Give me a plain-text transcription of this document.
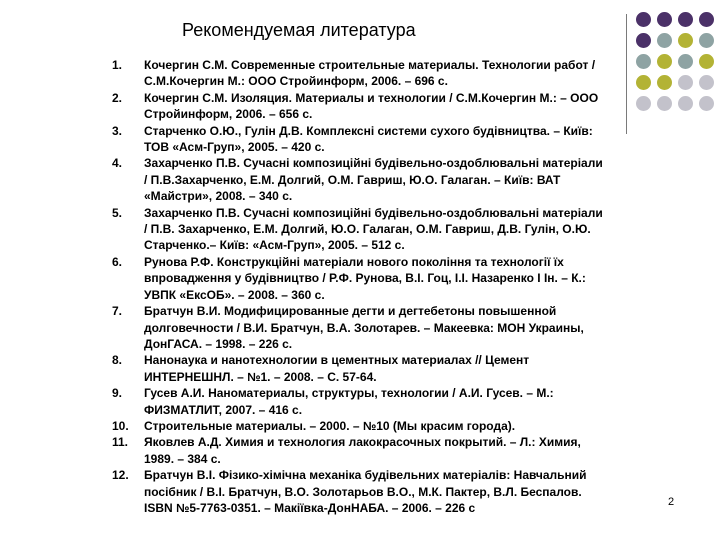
Рекомендуемая литература
1.	Кочергин С.М. Современные строительные материалы. Технологии работ / С.М.Кочергин М.: ООО Стройинформ, 2006. – 696 с.
2.	Кочергин С.М. Изоляция. Материалы и технологии / С.М.Кочергин М.: – ООО Стройинформ, 2006. – 656 с.
3.	Старченко О.Ю., Гулін Д.В. Комплексні системи сухого будівництва. – Київ: ТОВ «Асм-Груп», 2005. – 420 с.
4.	Захарченко П.В. Сучасні композиційні будівельно-оздоблювальні матеріали / П.В.Захарченко, Е.М. Долгий, О.М. Гавриш, Ю.О. Галаган. – Київ: ВАТ «Майстри», 2008. – 340 с.
5.	Захарченко П.В. Сучасні композиційні будівельно-оздоблювальні матеріали / П.В. Захарченко, Е.М. Долгий, Ю.О. Галаган, О.М. Гавриш, Д.В. Гулін, О.Ю. Старченко.– Київ: «Асм-Груп», 2005. – 512 с.
6.	Рунова Р.Ф. Конструкційні матеріали нового покоління та технології їх впровадження у будівництво / Р.Ф. Рунова, В.І. Гоц, І.І. Назаренко І Ін. – К.: УВПК «ЕксОБ». – 2008. – 360 с.
7.	Братчун В.И. Модифицированные дегти и дегтебетоны повышенной долговечности / В.И. Братчун, В.А. Золотарев. – Макеевка: МОН Украины, ДонГАСА. – 1998. – 226 с.
8.	Нанонаука и нанотехнологии в цементных материалах // Цемент ИНТЕРНЕШНЛ. – №1. – 2008. – С. 57-64.
9.	Гусев А.И. Наноматериалы, структуры, технологии / А.И. Гусев. – М.: ФИЗМАТЛИТ, 2007. – 416 с.
10.	Строительные материалы. – 2000. – №10 (Мы красим города).
11.	Яковлев А.Д. Химия и технология лакокрасочных покрытий. – Л.: Химия, 1989. – 384 с.
12.	Братчун В.І. Фізико-хімічна механіка будівельних матеріалів: Навчальний посібник / В.І. Братчун, В.О. Золотарьов В.О., М.К. Пактер, В.Л. Беспалов. ISBN №5-7763-0351. – Макіївка-ДонНАБА. – 2006. – 226 с	2
